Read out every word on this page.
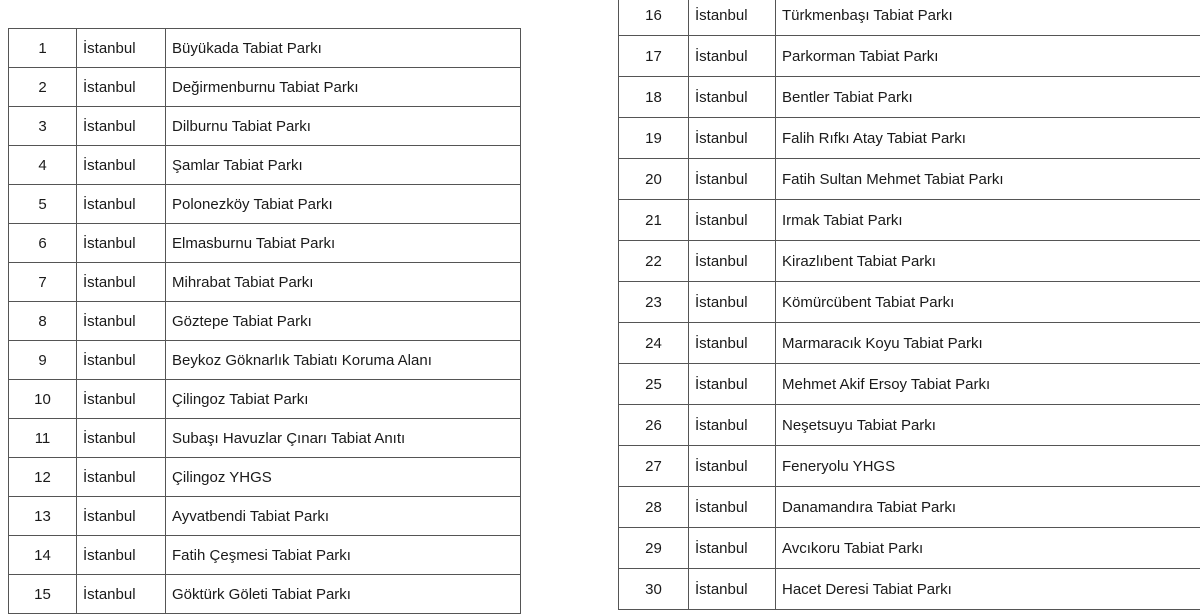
1	İstanbul	Büyükada Tabiat Parkı
2	İstanbul	Değirmenburnu Tabiat Parkı
3	İstanbul	Dilburnu Tabiat Parkı
4	İstanbul	Şamlar Tabiat Parkı
5	İstanbul	Polonezköy Tabiat Parkı
6	İstanbul	Elmasburnu Tabiat Parkı
7	İstanbul	Mihrabat Tabiat Parkı
8	İstanbul	Göztepe Tabiat Parkı
9	İstanbul	Beykoz Göknarlık Tabiatı Koruma Alanı
10	İstanbul	Çilingoz Tabiat Parkı
11	İstanbul	Subaşı Havuzlar Çınarı Tabiat Anıtı
12	İstanbul	Çilingoz YHGS
13	İstanbul	Ayvatbendi Tabiat Parkı
14	İstanbul	Fatih Çeşmesi Tabiat Parkı
15	İstanbul	Göktürk Göleti Tabiat Parkı
16	İstanbul	Türkmenbaşı Tabiat Parkı
17	İstanbul	Parkorman Tabiat Parkı
18	İstanbul	Bentler Tabiat Parkı
19	İstanbul	Falih Rıfkı Atay Tabiat Parkı
20	İstanbul	Fatih Sultan Mehmet Tabiat Parkı
21	İstanbul	Irmak Tabiat Parkı
22	İstanbul	Kirazlıbent Tabiat Parkı
23	İstanbul	Kömürcübent Tabiat Parkı
24	İstanbul	Marmaracık Koyu Tabiat Parkı
25	İstanbul	Mehmet Akif Ersoy Tabiat Parkı
26	İstanbul	Neşetsuyu Tabiat Parkı
27	İstanbul	Feneryolu YHGS
28	İstanbul	Danamandıra Tabiat Parkı
29	İstanbul	Avcıkoru Tabiat Parkı
30	İstanbul	Hacet Deresi Tabiat Parkı
